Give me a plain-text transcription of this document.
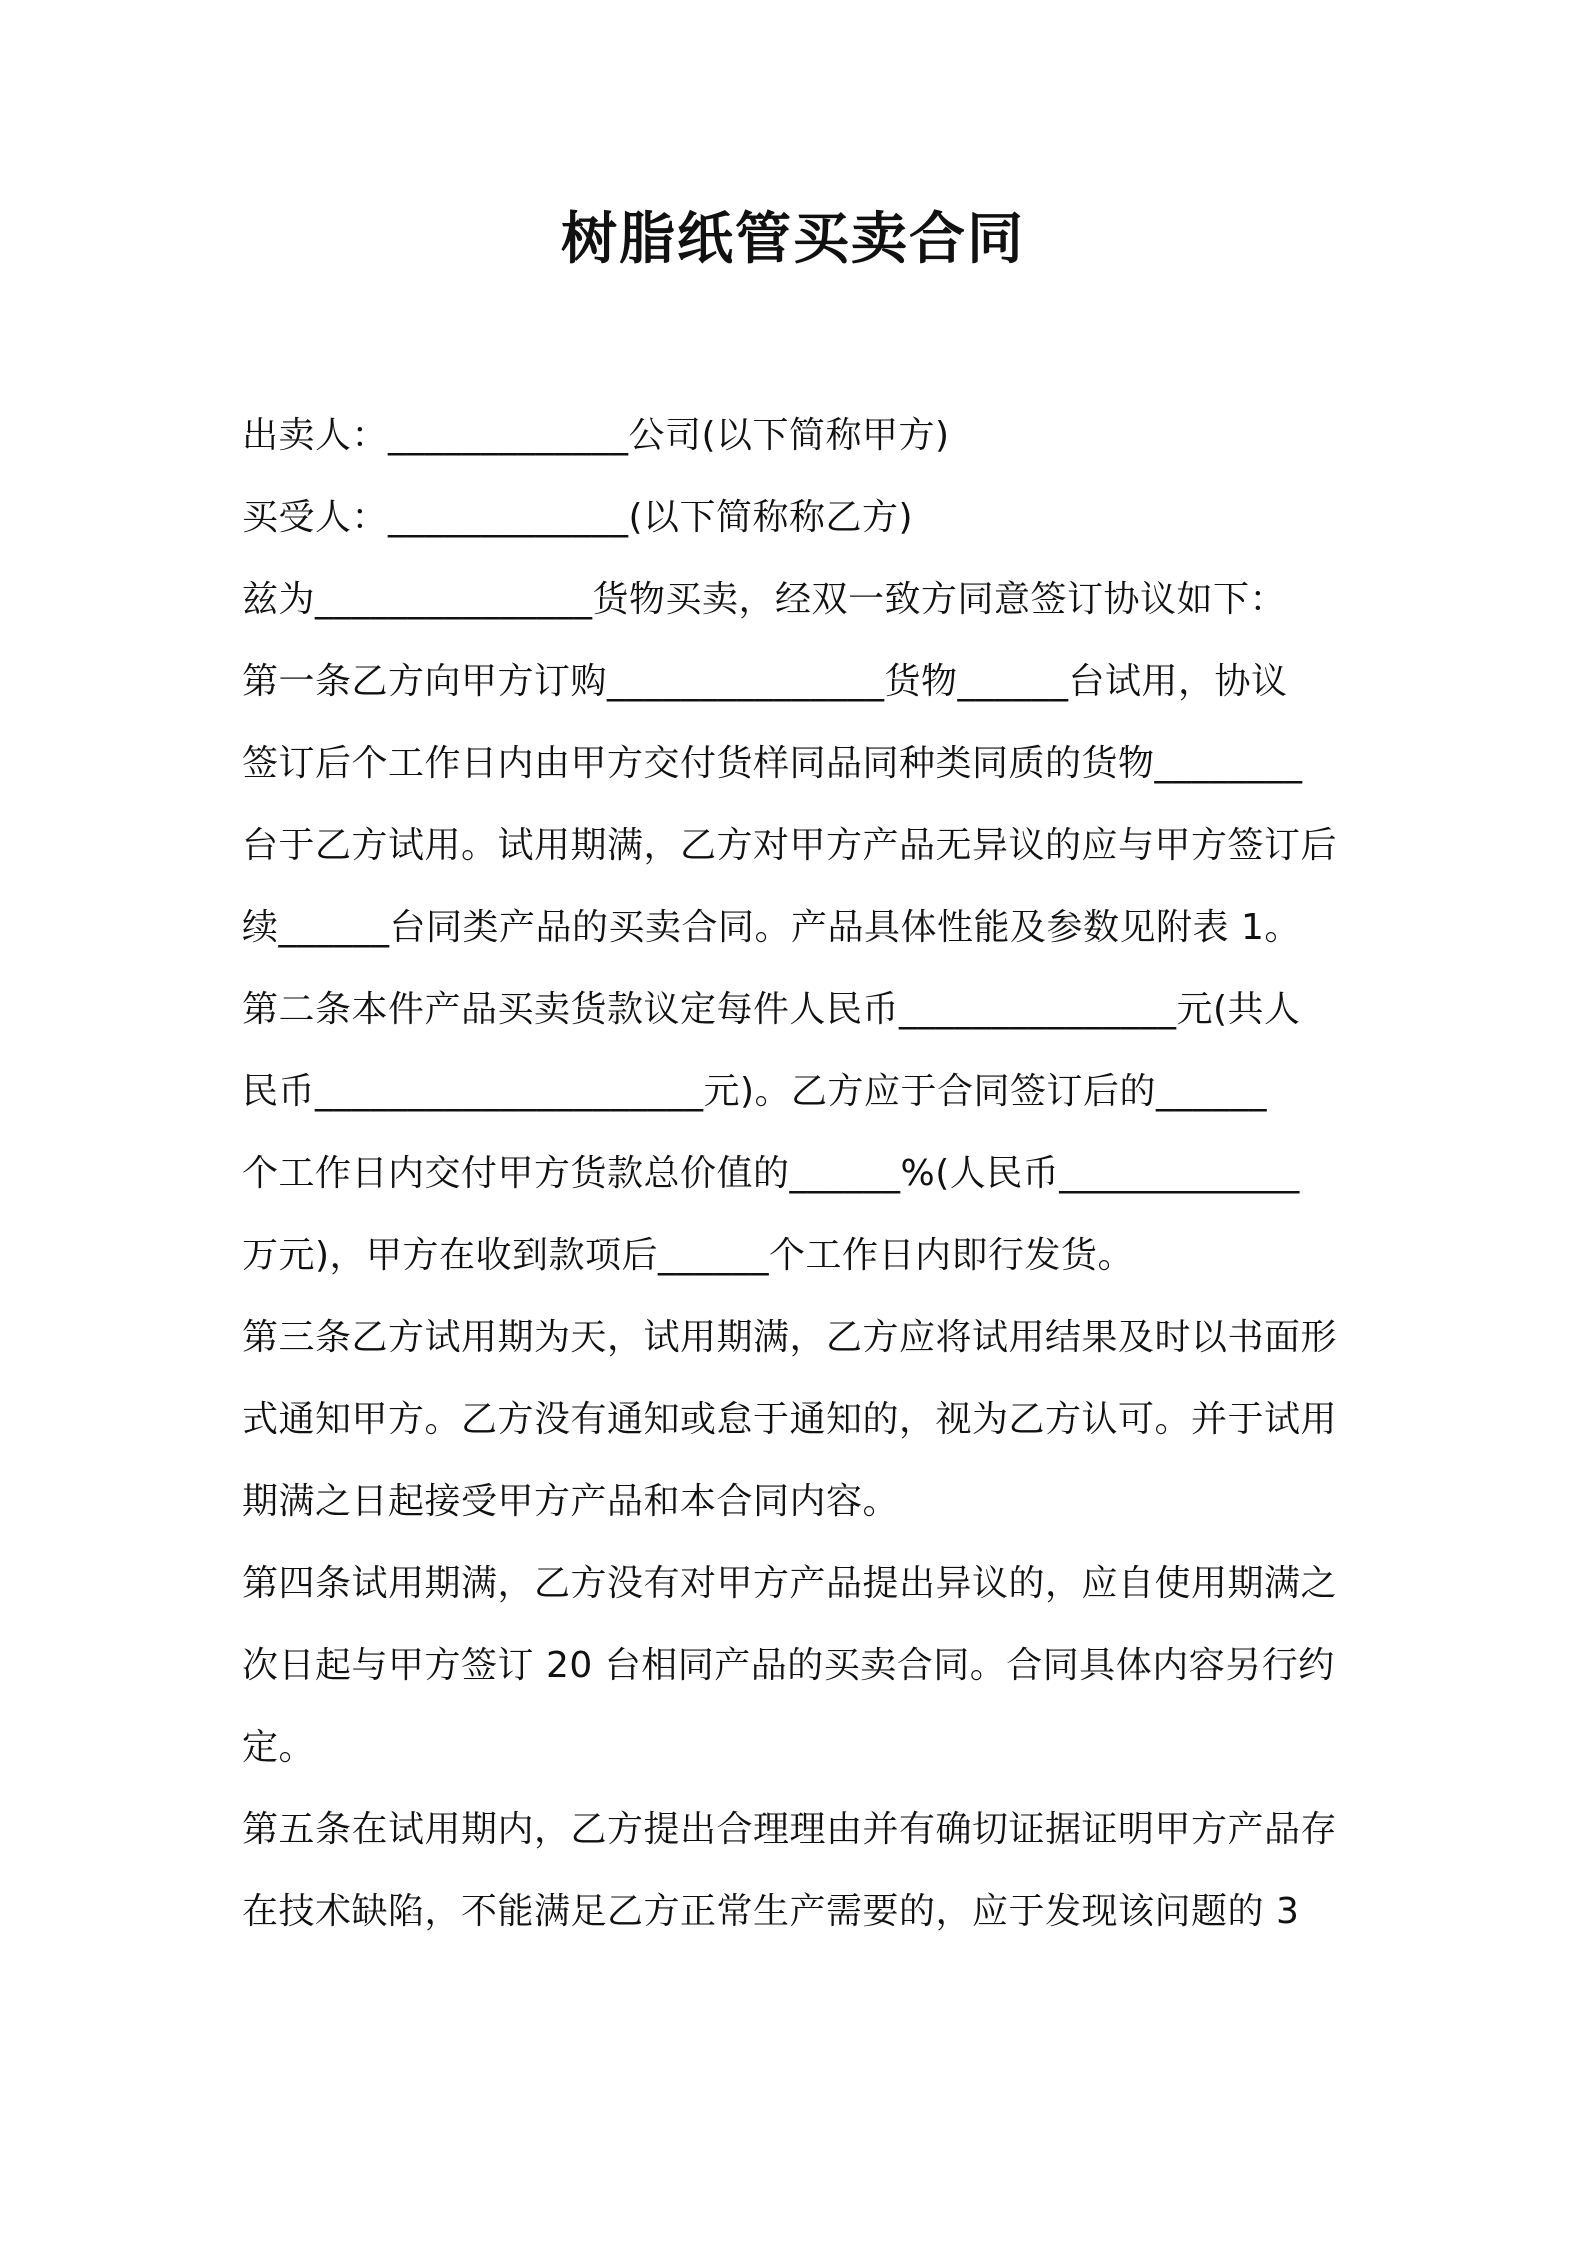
树脂纸管买卖合同
出卖人：_____________公司(以下简称甲方)
买受人：_____________(以下简称称乙方)
兹为_______________货物买卖，经双一致方同意签订协议如下：
第一条乙方向甲方订购_______________货物______台试用，协议
签订后个工作日内由甲方交付货样同品同种类同质的货物________
台于乙方试用。试用期满，乙方对甲方产品无异议的应与甲方签订后
续______台同类产品的买卖合同。产品具体性能及参数见附表 1。
第二条本件产品买卖货款议定每件人民币_______________元(共人
民币_____________________元)。乙方应于合同签订后的______
个工作日内交付甲方货款总价值的______%(人民币_____________
万元)，甲方在收到款项后______个工作日内即行发货。
第三条乙方试用期为天，试用期满，乙方应将试用结果及时以书面形
式通知甲方。乙方没有通知或怠于通知的，视为乙方认可。并于试用
期满之日起接受甲方产品和本合同内容。
第四条试用期满，乙方没有对甲方产品提出异议的，应自使用期满之
次日起与甲方签订 20 台相同产品的买卖合同。合同具体内容另行约
定。
第五条在试用期内，乙方提出合理理由并有确切证据证明甲方产品存
在技术缺陷，不能满足乙方正常生产需要的，应于发现该问题的 3
